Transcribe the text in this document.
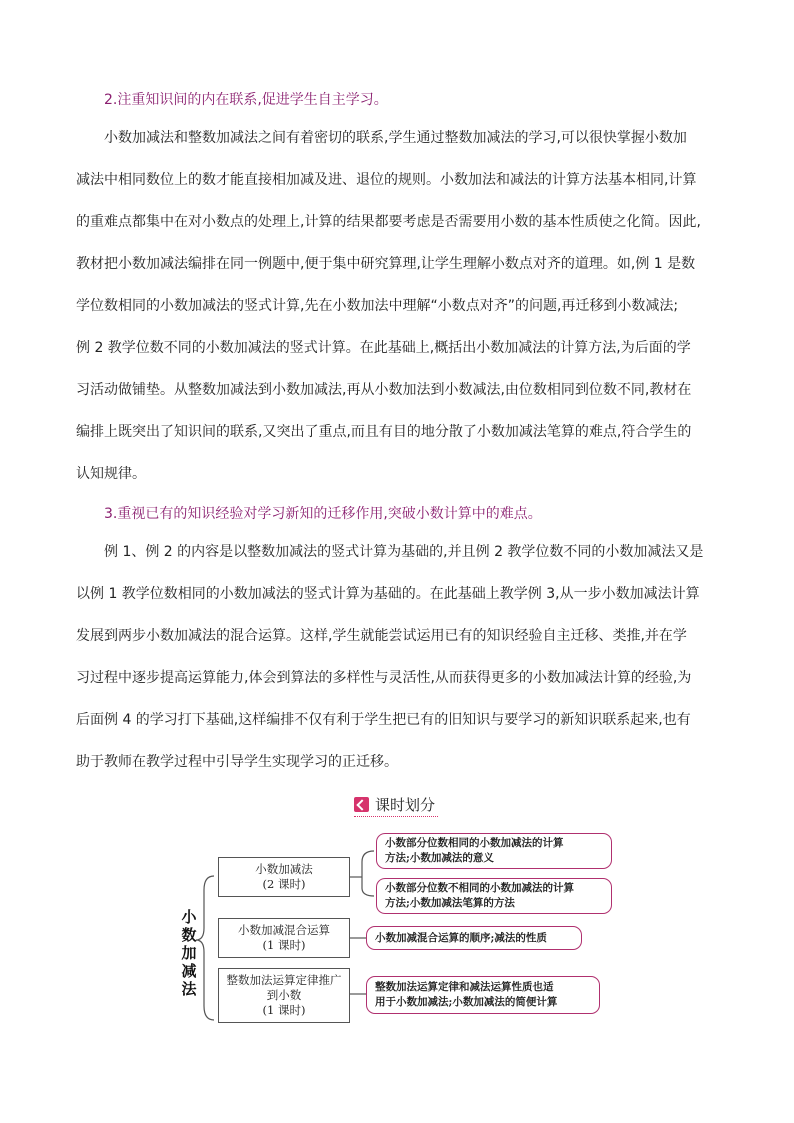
2.注重知识间的内在联系,促进学生自主学习。
小数加减法和整数加减法之间有着密切的联系,学生通过整数加减法的学习,可以很快掌握小数加
减法中相同数位上的数才能直接相加减及进、退位的规则。小数加法和减法的计算方法基本相同,计算
的重难点都集中在对小数点的处理上,计算的结果都要考虑是否需要用小数的基本性质使之化简。因此,
教材把小数加减法编排在同一例题中,便于集中研究算理,让学生理解小数点对齐的道理。如,例 1 是数
学位数相同的小数加减法的竖式计算,先在小数加法中理解“小数点对齐”的问题,再迁移到小数减法;
例 2 教学位数不同的小数加减法的竖式计算。在此基础上,概括出小数加减法的计算方法,为后面的学
习活动做铺垫。从整数加减法到小数加减法,再从小数加法到小数减法,由位数相同到位数不同,教材在
编排上既突出了知识间的联系,又突出了重点,而且有目的地分散了小数加减法笔算的难点,符合学生的
认知规律。
3.重视已有的知识经验对学习新知的迁移作用,突破小数计算中的难点。
例 1、例 2 的内容是以整数加减法的竖式计算为基础的,并且例 2 教学位数不同的小数加减法又是
以例 1 教学位数相同的小数加减法的竖式计算为基础的。在此基础上教学例 3,从一步小数加减法计算
发展到两步小数加减法的混合运算。这样,学生就能尝试运用已有的知识经验自主迁移、类推,并在学
习过程中逐步提高运算能力,体会到算法的多样性与灵活性,从而获得更多的小数加减法计算的经验,为
后面例 4 的学习打下基础,这样编排不仅有利于学生把已有的旧知识与要学习的新知识联系起来,也有
助于教师在教学过程中引导学生实现学习的正迁移。
课时划分
小
数
加
减
法
小数加减法
(2 课时)
小数加减混合运算
(1 课时)
整数加法运算定律推广
到小数
(1 课时)
小数部分位数相同的小数加减法的计算
方法;小数加减法的意义
小数部分位数不相同的小数加减法的计算
方法;小数加减法笔算的方法
小数加减混合运算的顺序;减法的性质
整数加法运算定律和减法运算性质也适
用于小数加减法;小数加减法的简便计算
